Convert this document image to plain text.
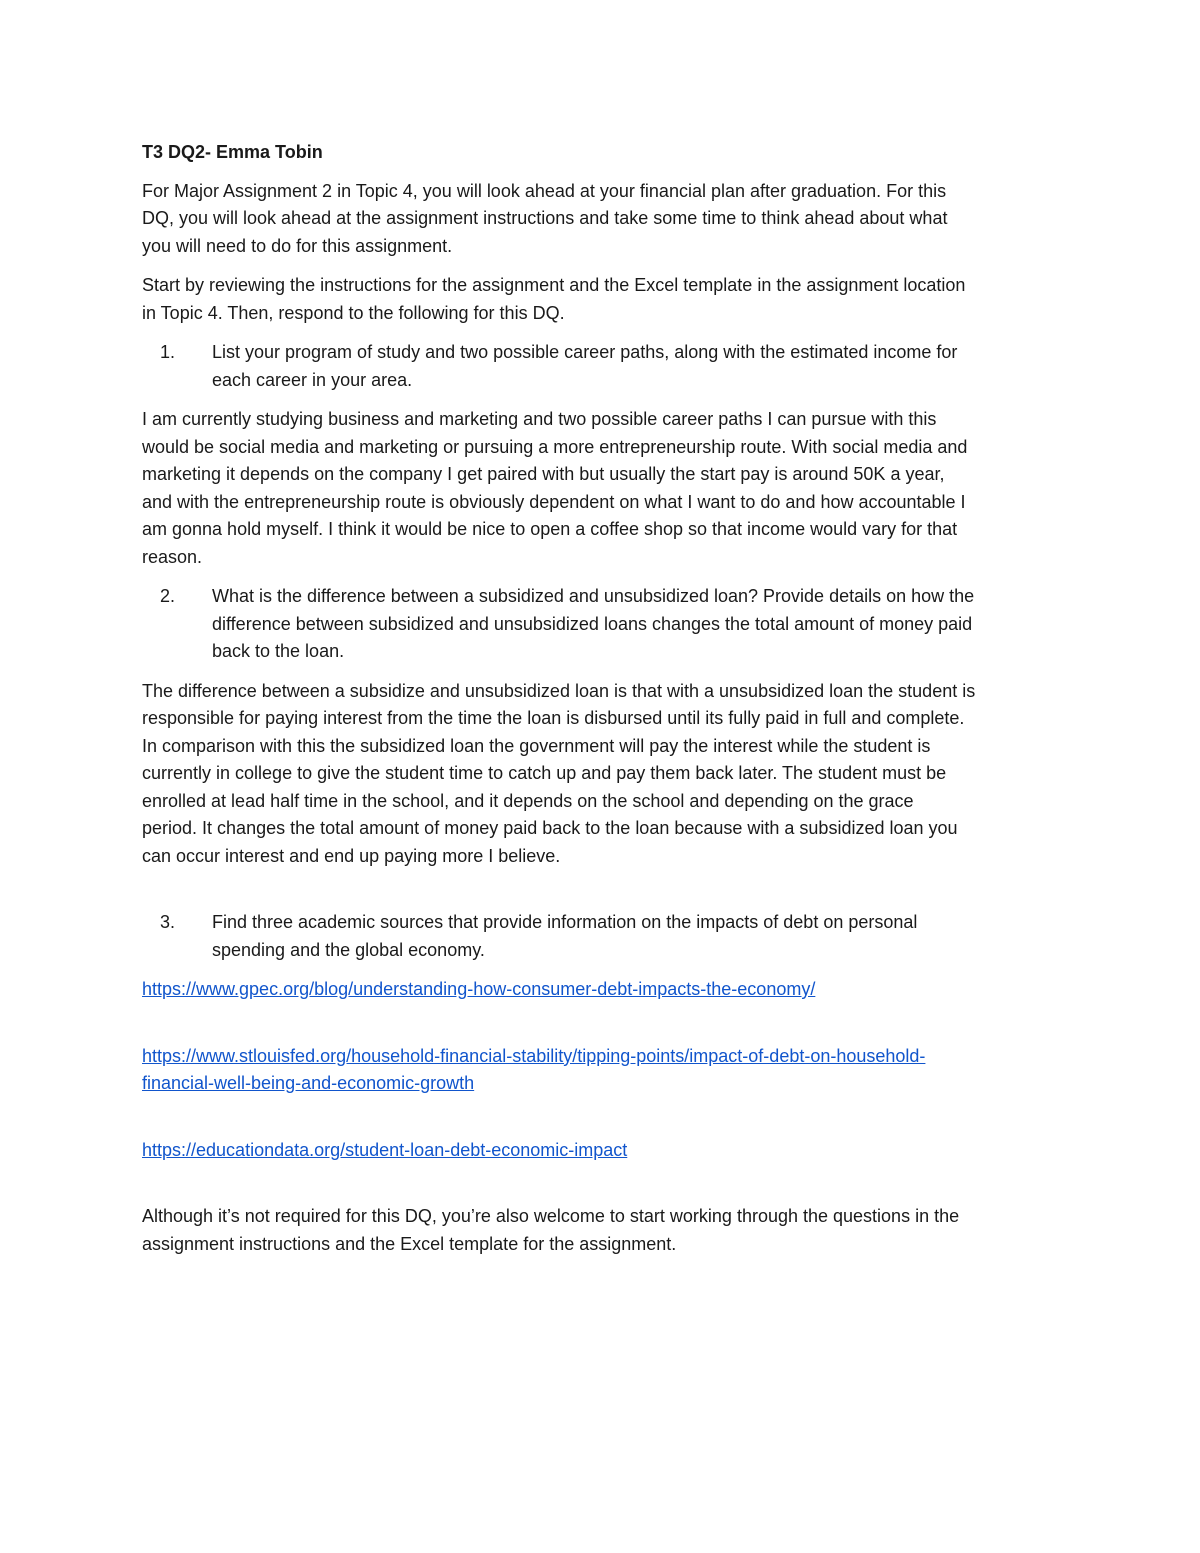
T3 DQ2- Emma Tobin

For Major Assignment 2 in Topic 4, you will look ahead at your financial plan after graduation. For this

DQ, you will look ahead at the assignment instructions and take some time to think ahead about what

you will need to do for this assignment.

Start by reviewing the instructions for the assignment and the Excel template in the assignment location

in Topic 4. Then, respond to the following for this DQ.

1.	List your program of study and two possible career paths, along with the estimated income for

each career in your area.

I am currently studying business and marketing and two possible career paths I can pursue with this

would be social media and marketing or pursuing a more entrepreneurship route. With social media and

marketing it depends on the company I get paired with but usually the start pay is around 50K a year,

and with the entrepreneurship route is obviously dependent on what I want to do and how accountable I

am gonna hold myself. I think it would be nice to open a coffee shop so that income would vary for that

reason.

2.	What is the difference between a subsidized and unsubsidized loan? Provide details on how the

difference between subsidized and unsubsidized loans changes the total amount of money paid

back to the loan.

The difference between a subsidize and unsubsidized loan is that with a unsubsidized loan the student is

responsible for paying interest from the time the loan is disbursed until its fully paid in full and complete.

In comparison with this the subsidized loan the government will pay the interest while the student is

currently in college to give the student time to catch up and pay them back later. The student must be

enrolled at lead half time in the school, and it depends on the school and depending on the grace

period. It changes the total amount of money paid back to the loan because with a subsidized loan you

can occur interest and end up paying more I believe.

3.	Find three academic sources that provide information on the impacts of debt on personal

spending and the global economy.

https://www.gpec.org/blog/understanding-how-consumer-debt-impacts-the-economy/

https://www.stlouisfed.org/household-financial-stability/tipping-points/impact-of-debt-on-household-

financial-well-being-and-economic-growth

https://educationdata.org/student-loan-debt-economic-impact

Although it’s not required for this DQ, you’re also welcome to start working through the questions in the

assignment instructions and the Excel template for the assignment.
